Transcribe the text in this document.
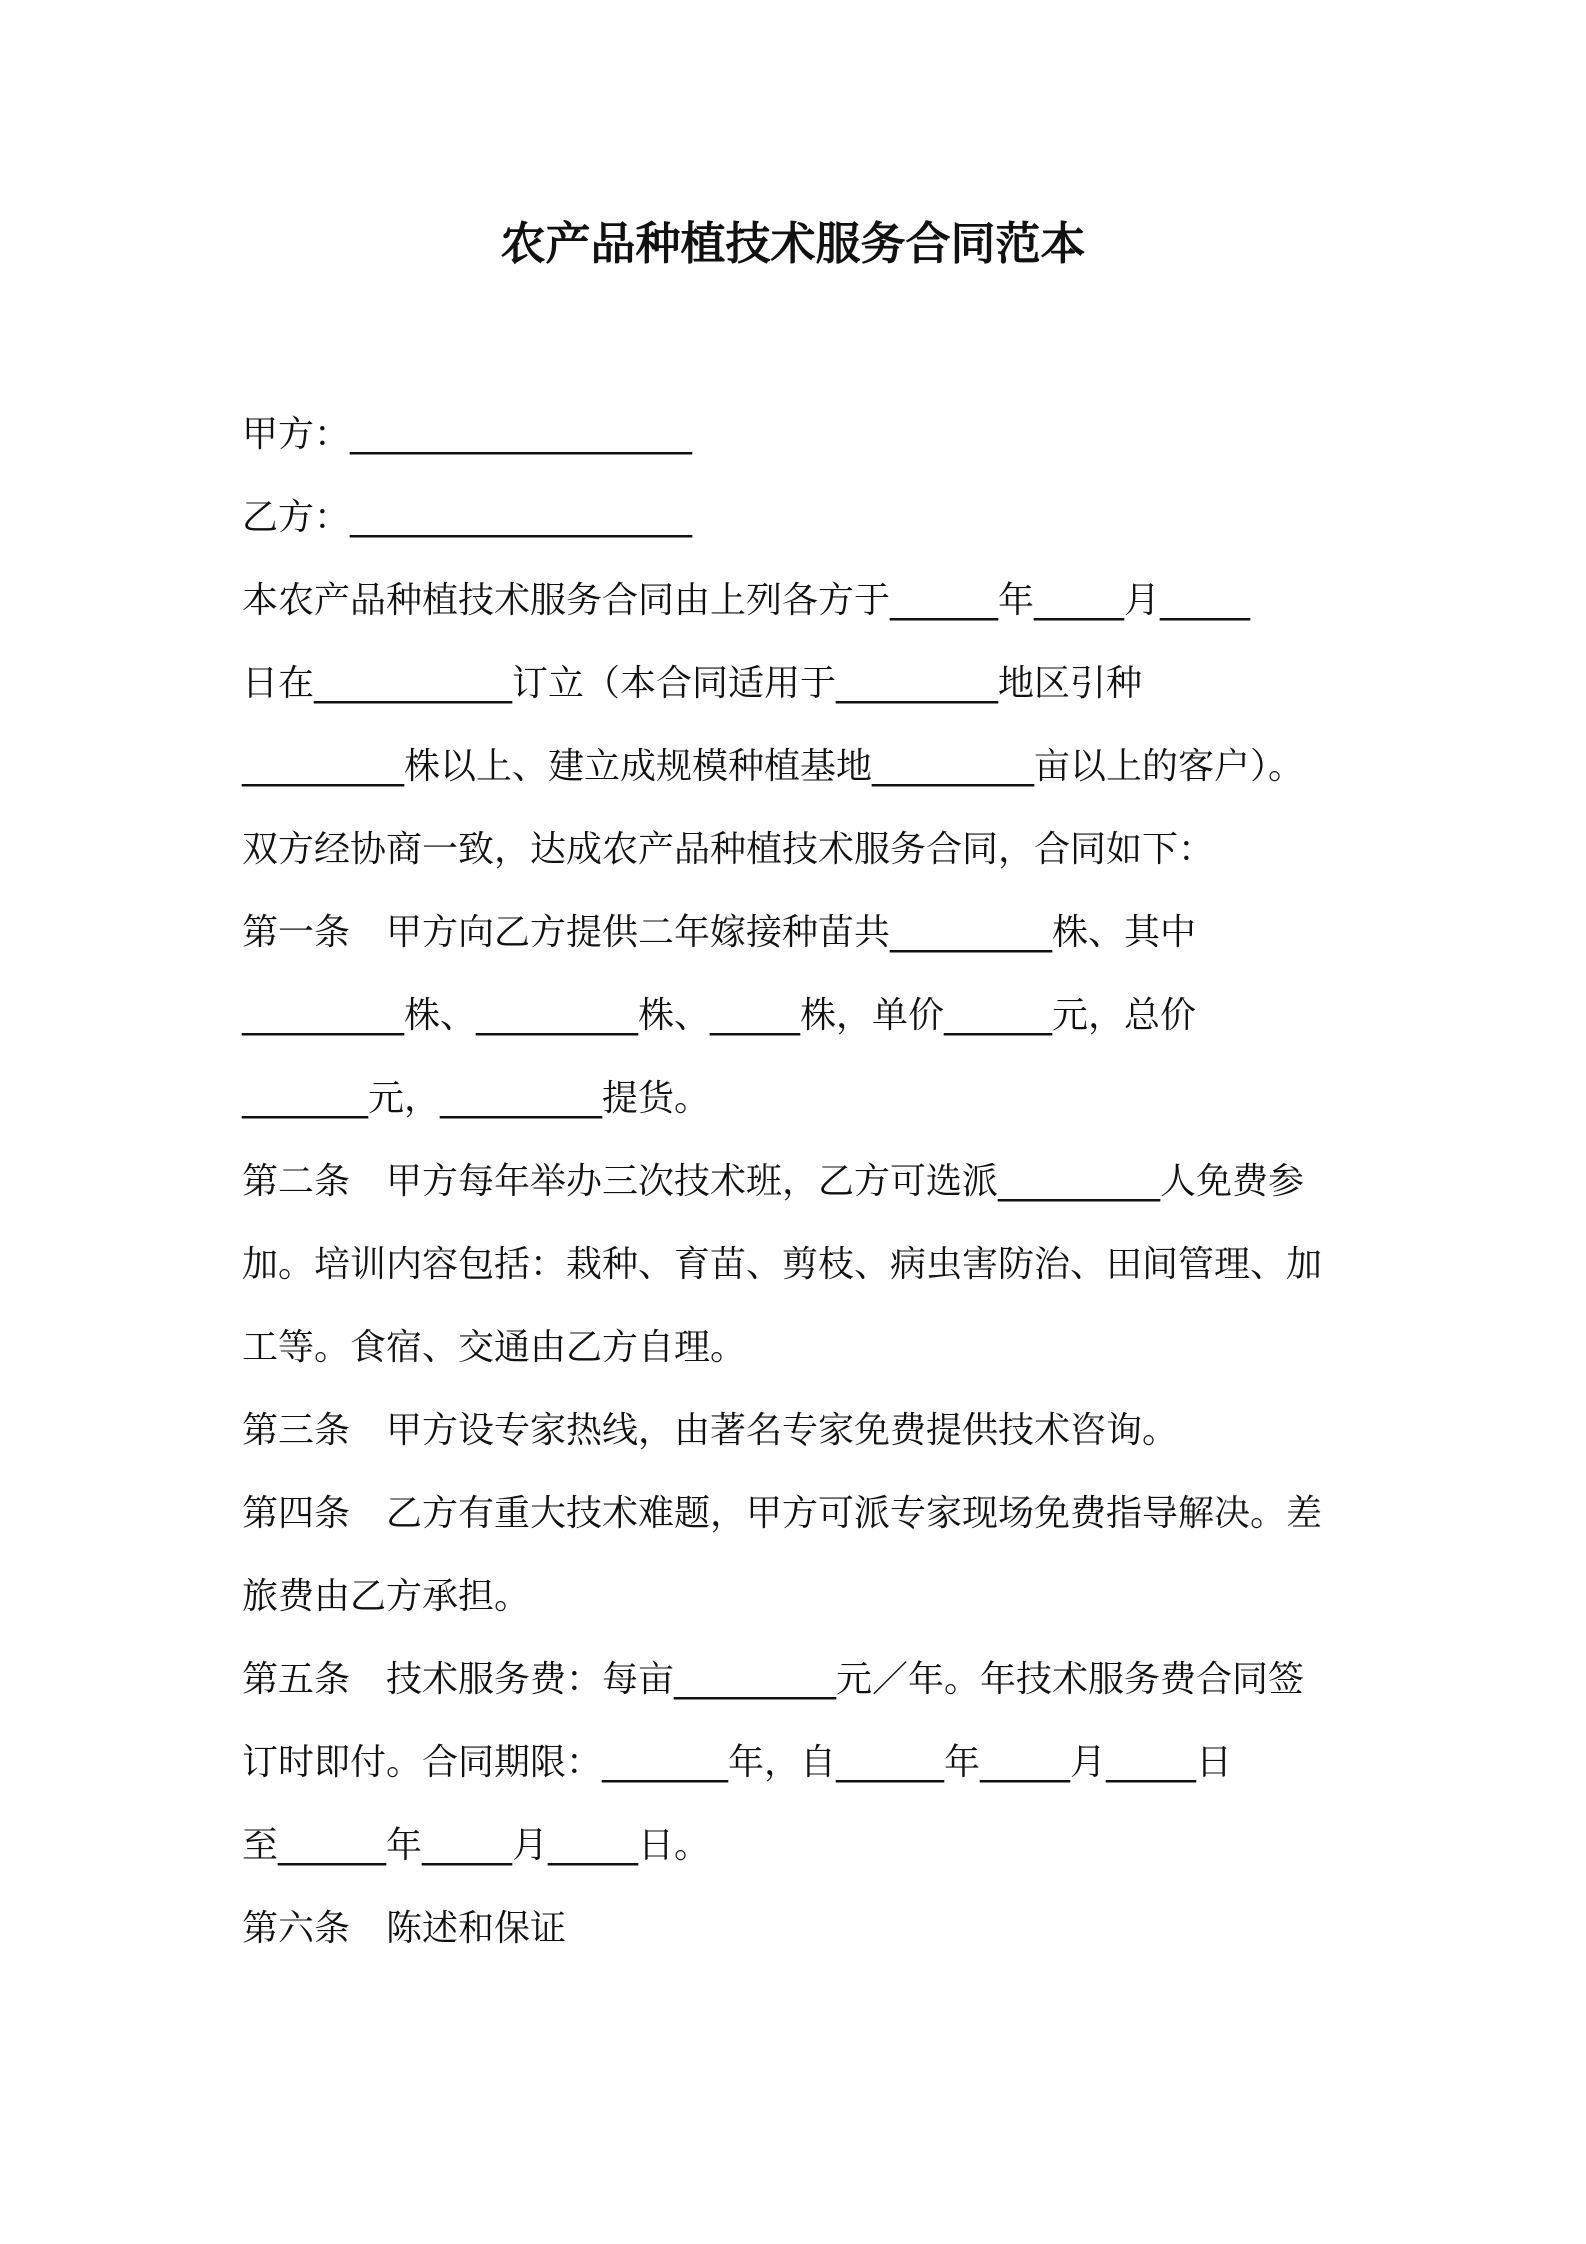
农产品种植技术服务合同范本
甲方：___________________
乙方：___________________
本农产品种植技术服务合同由上列各方于______年_____月_____
日在___________订立（本合同适用于_________地区引种
_________株以上、建立成规模种植基地_________亩以上的客户）。
双方经协商一致，达成农产品种植技术服务合同，合同如下：
第一条　甲方向乙方提供二年嫁接种苗共_________株、其中
_________株、_________株、_____株，单价______元，总价
_______元，_________提货。
第二条　甲方每年举办三次技术班，乙方可选派_________人免费参
加。培训内容包括：栽种、育苗、剪枝、病虫害防治、田间管理、加
工等。食宿、交通由乙方自理。
第三条　甲方设专家热线，由著名专家免费提供技术咨询。
第四条　乙方有重大技术难题，甲方可派专家现场免费指导解决。差
旅费由乙方承担。
第五条　技术服务费：每亩_________元／年。年技术服务费合同签
订时即付。合同期限：_______年，自______年_____月_____日
至______年_____月_____日。
第六条　陈述和保证
